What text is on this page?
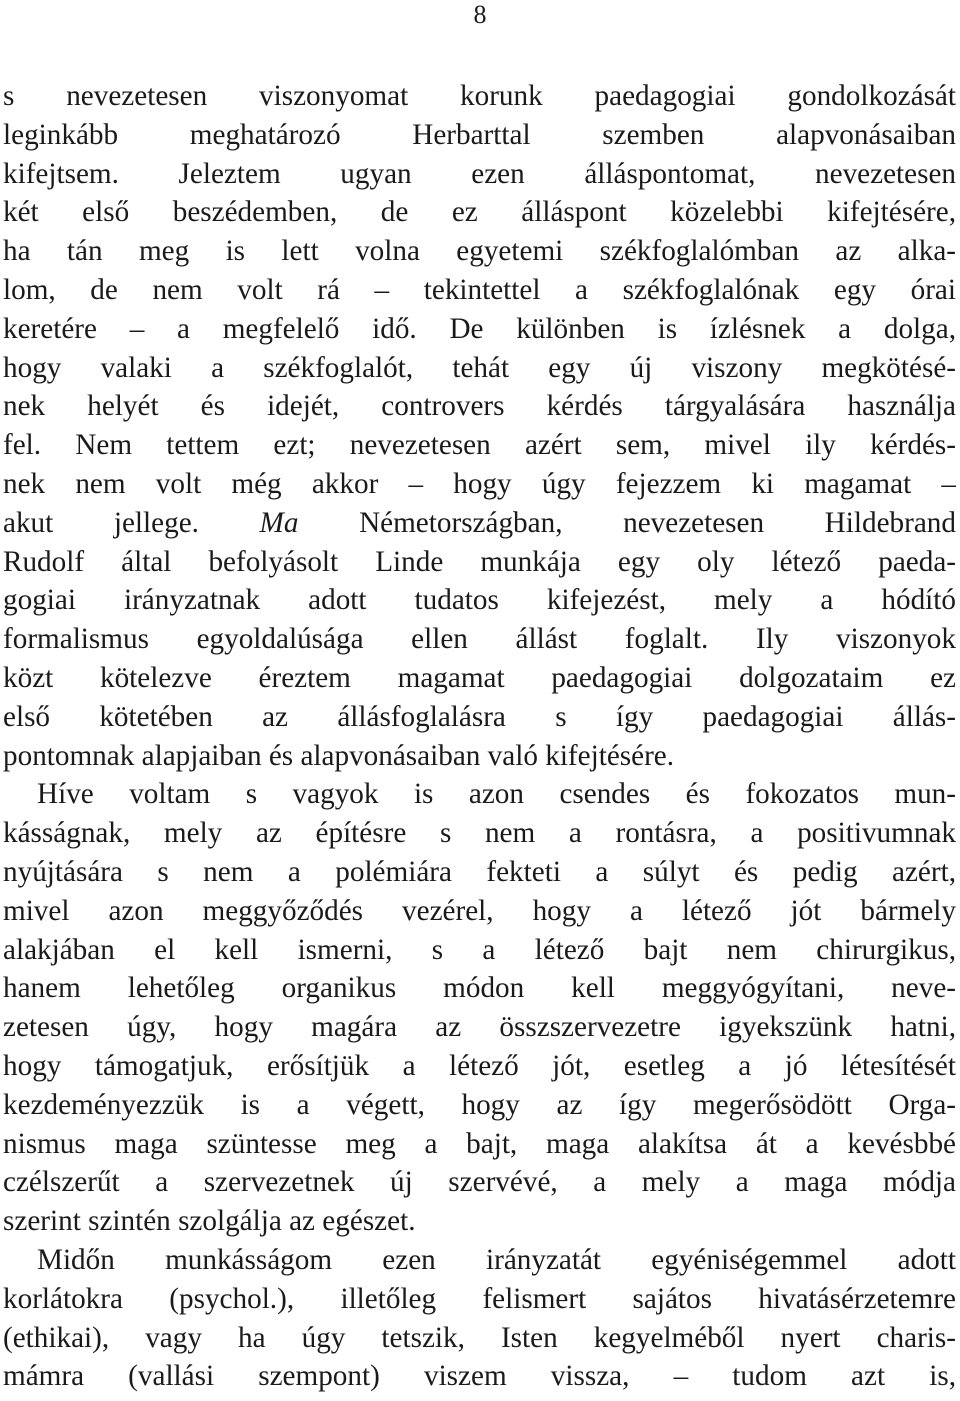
8
s nevezetesen viszonyomat korunk paedagogiai gondolkozását
leginkább meghatározó Herbarttal szemben alapvonásaiban
kifejtsem. Jeleztem ugyan ezen álláspontomat, nevezetesen
két első beszédemben, de ez álláspont közelebbi kifejtésére,
ha tán meg is lett volna egyetemi székfoglalómban az alka-
lom, de nem volt rá – tekintettel a székfoglalónak egy órai
keretére – a megfelelő idő. De különben is ízlésnek a dolga,
hogy valaki a székfoglalót, tehát egy új viszony megkötésé-
nek helyét és idejét, controvers kérdés tárgyalására használja
fel. Nem tettem ezt; nevezetesen azért sem, mivel ily kérdés-
nek nem volt még akkor – hogy úgy fejezzem ki magamat –
akut jellege. Ma Németországban, nevezetesen Hildebrand
Rudolf által befolyásolt Linde munkája egy oly létező paeda-
gogiai irányzatnak adott tudatos kifejezést, mely a hódító
formalismus egyoldalúsága ellen állást foglalt. Ily viszonyok
közt kötelezve éreztem magamat paedagogiai dolgozataim ez
első kötetében az állásfoglalásra s így paedagogiai állás-
pontomnak alapjaiban és alapvonásaiban való kifejtésére.
Híve voltam s vagyok is azon csendes és fokozatos mun-
kásságnak, mely az építésre s nem a rontásra, a positivumnak
nyújtására s nem a polémiára fekteti a súlyt és pedig azért,
mivel azon meggyőződés vezérel, hogy a létező jót bármely
alakjában el kell ismerni, s a létező bajt nem chirurgikus,
hanem lehetőleg organikus módon kell meggyógyítani, neve-
zetesen úgy, hogy magára az összszervezetre igyekszünk hatni,
hogy támogatjuk, erősítjük a létező jót, esetleg a jó létesítését
kezdeményezzük is a végett, hogy az így megerősödött Orga-
nismus maga szüntesse meg a bajt, maga alakítsa át a kevésbbé
czélszerűt a szervezetnek új szervévé, a mely a maga módja
szerint szintén szolgálja az egészet.
Midőn munkásságom ezen irányzatát egyéniségemmel adott
korlátokra (psychol.), illetőleg felismert sajátos hivatásérzetemre
(ethikai), vagy ha úgy tetszik, Isten kegyelméből nyert charis-
mámra (vallási szempont) viszem vissza, – tudom azt is,
